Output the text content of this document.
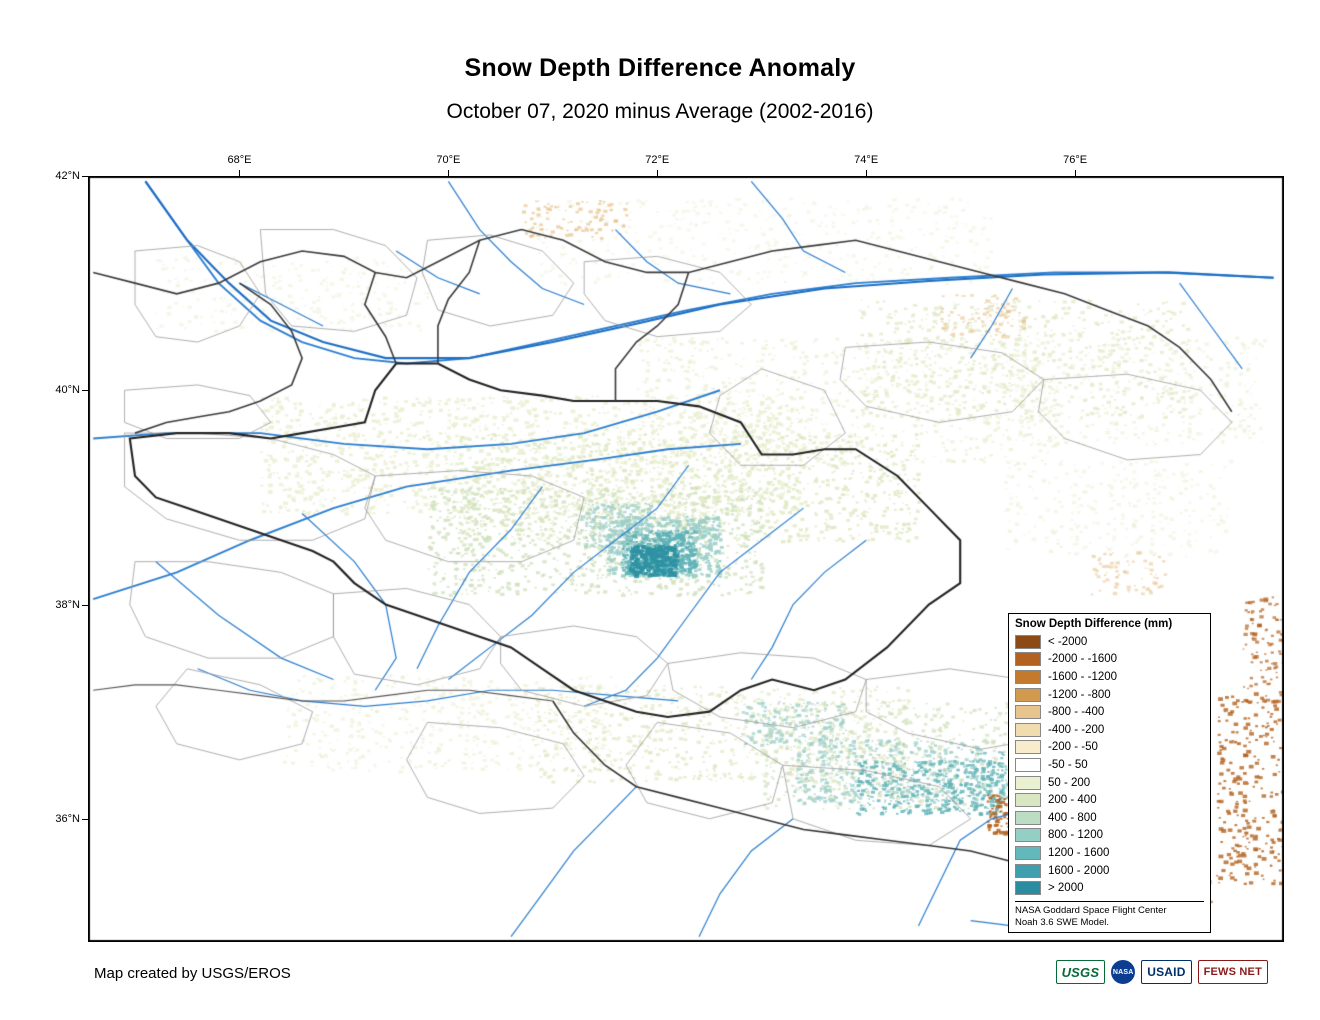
Snow Depth Difference Anomaly
October 07, 2020 minus Average (2002-2016)
68°E	70°E	72°E	74°E	76°E
42°N
40°N
38°N
36°N
Snow Depth Difference (mm)
< -2000
-2000 - -1600
-1600 - -1200
-1200 - -800
-800 - -400
-400 - -200
-200 - -50
-50 - 50
50 - 200
200 - 400
400 - 800
800 - 1200
1200 - 1600
1600 - 2000
> 2000
NASA Goddard Space Flight Center
Noah 3.6 SWE Model.
Map created by USGS/EROS	USGS	NASA	USAID	FEWS NET
